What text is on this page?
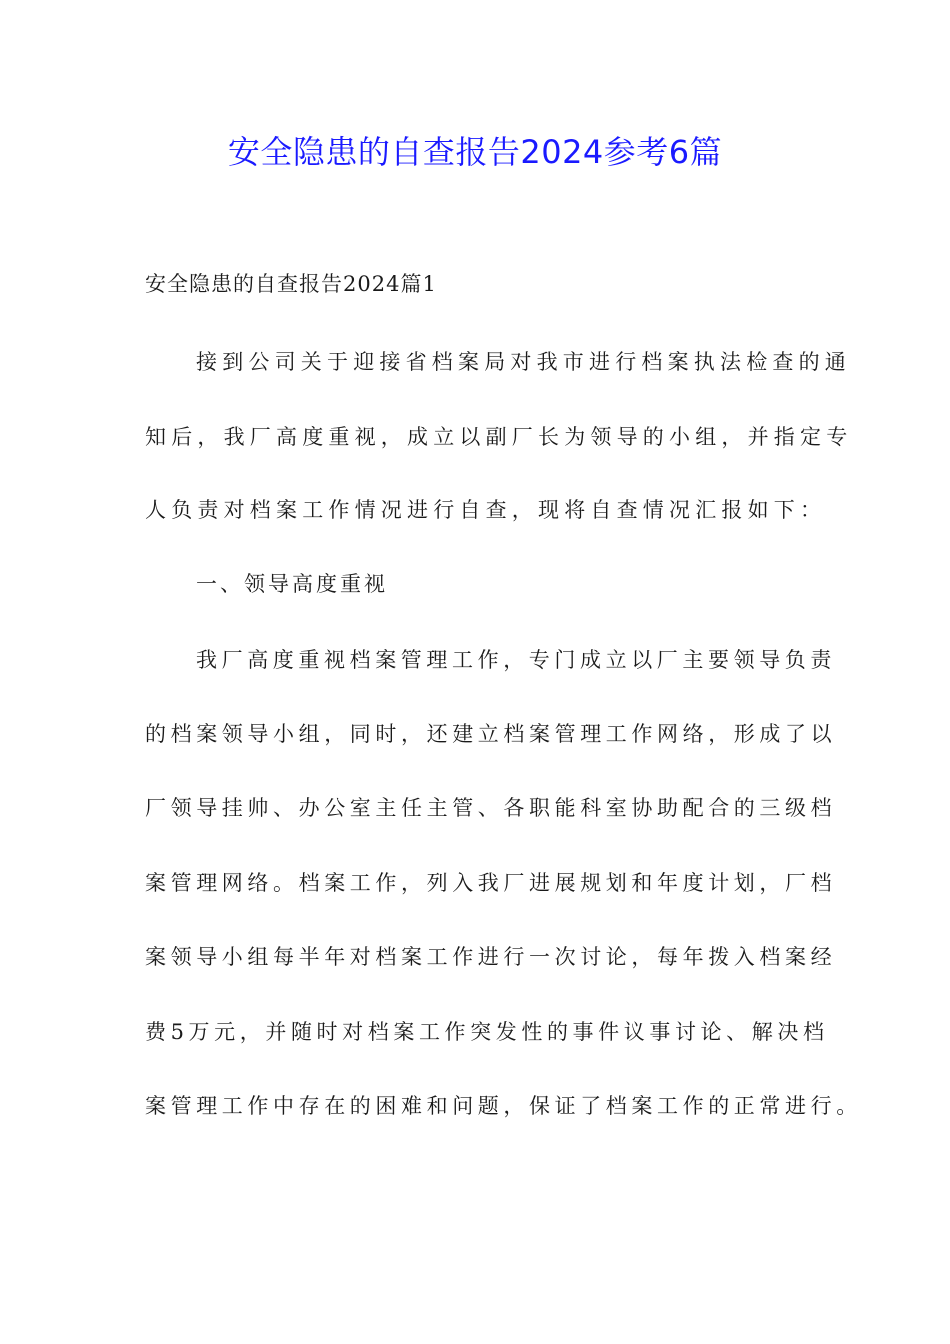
安全隐患的自查报告2024参考6篇
安全隐患的自查报告2024篇1
接到公司关于迎接省档案局对我市进行档案执法检查的通
知后，我厂高度重视，成立以副厂长为领导的小组，并指定专
人负责对档案工作情况进行自查，现将自查情况汇报如下：
一、领导高度重视
我厂高度重视档案管理工作，专门成立以厂主要领导负责
的档案领导小组，同时，还建立档案管理工作网络，形成了以
厂领导挂帅、办公室主任主管、各职能科室协助配合的三级档
案管理网络。档案工作，列入我厂进展规划和年度计划，厂档
案领导小组每半年对档案工作进行一次讨论，每年拨入档案经
费5万元，并随时对档案工作突发性的事件议事讨论、解决档
案管理工作中存在的困难和问题，保证了档案工作的正常进行。
